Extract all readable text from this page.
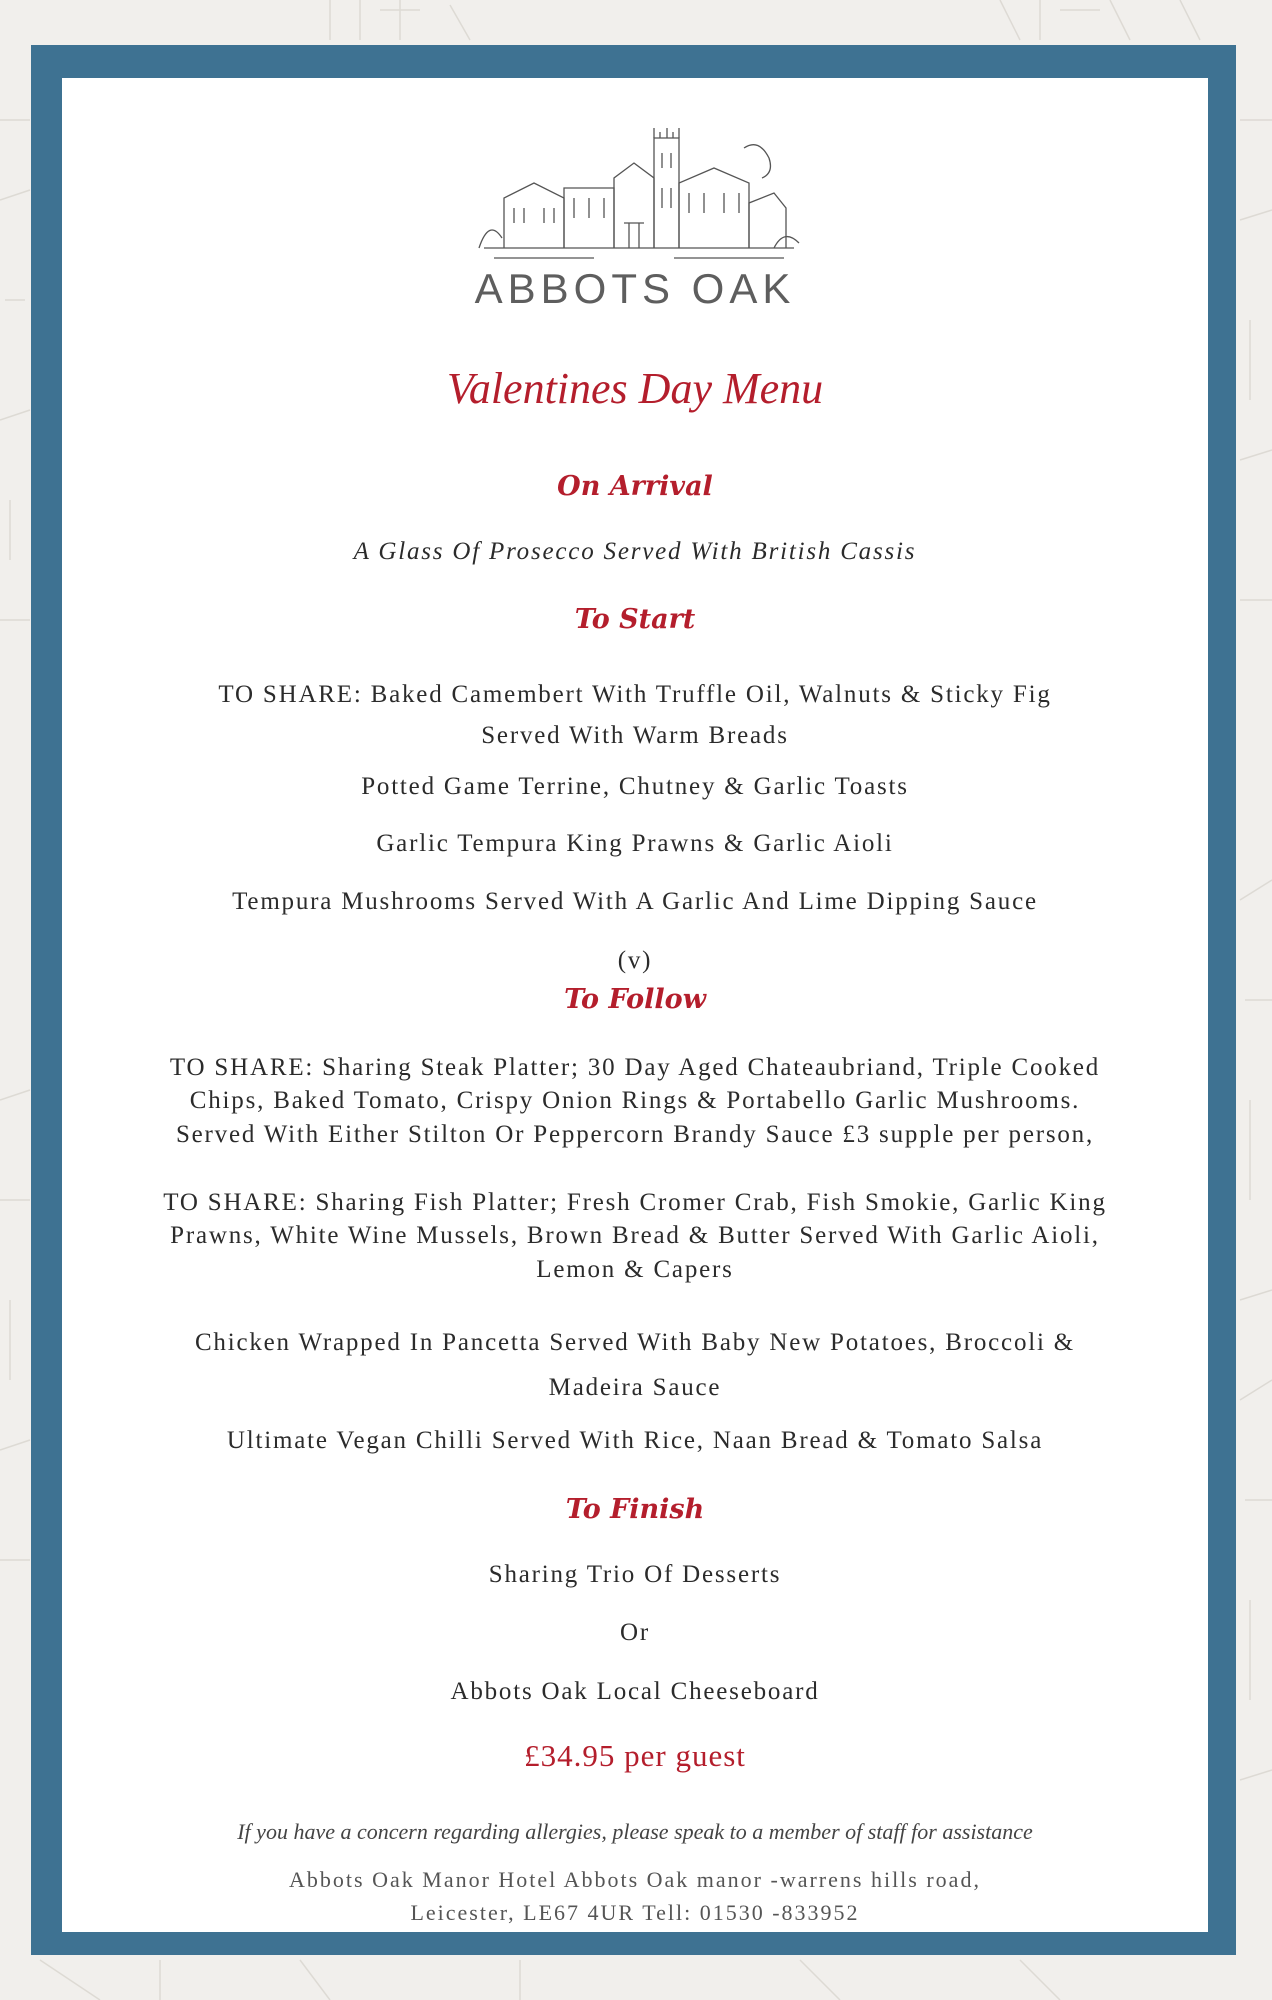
ABBOTS OAK
Valentines Day Menu
On Arrival
A Glass Of Prosecco Served With British Cassis
To Start
TO SHARE: Baked Camembert With Truffle Oil, Walnuts & Sticky Fig
Served With Warm Breads
Potted Game Terrine, Chutney & Garlic Toasts
Garlic Tempura King Prawns & Garlic Aioli
Tempura Mushrooms Served With A Garlic And Lime Dipping Sauce
(v)
To Follow
TO SHARE: Sharing Steak Platter; 30 Day Aged Chateaubriand, Triple Cooked
Chips, Baked Tomato, Crispy Onion Rings & Portabello Garlic Mushrooms.
Served With Either Stilton Or Peppercorn Brandy Sauce £3 supple per person,
TO SHARE: Sharing Fish Platter; Fresh Cromer Crab, Fish Smokie, Garlic King
Prawns, White Wine Mussels, Brown Bread & Butter Served With Garlic Aioli,
Lemon & Capers
Chicken Wrapped In Pancetta Served With Baby New Potatoes, Broccoli &
Madeira Sauce
Ultimate Vegan Chilli Served With Rice, Naan Bread & Tomato Salsa
To Finish
Sharing Trio Of Desserts
Or
Abbots Oak Local Cheeseboard
£34.95 per guest
If you have a concern regarding allergies, please speak to a member of staff for assistance
Abbots Oak Manor Hotel Abbots Oak manor -warrens hills road,
Leicester, LE67 4UR Tell: 01530 -833952
